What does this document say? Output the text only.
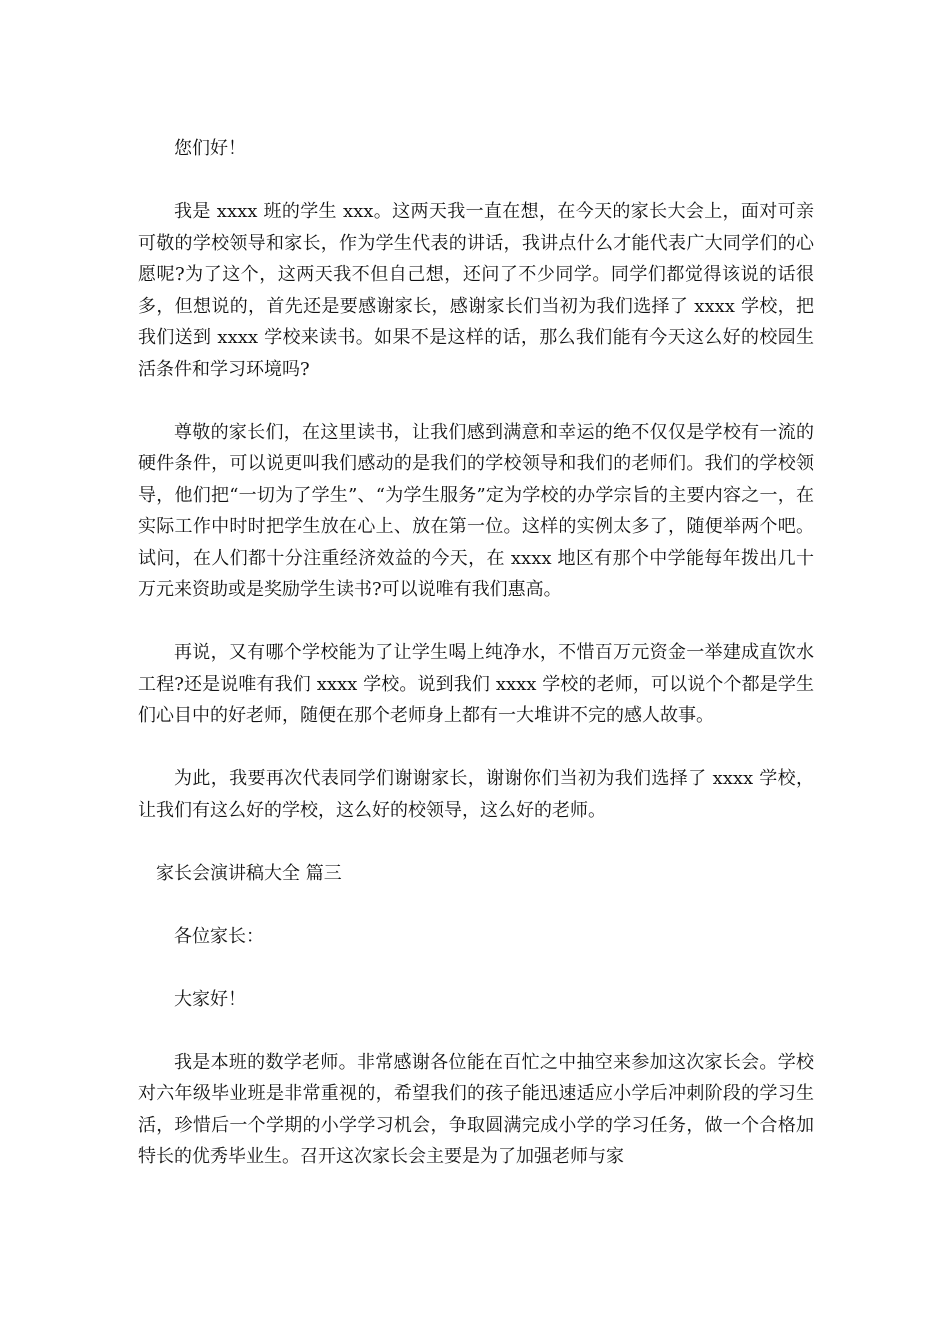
您们好！

我是 xxxx 班的学生 xxx。这两天我一直在想，在今天的家长大会上，面对可亲可敬的学校领导和家长，作为学生代表的讲话，我讲点什么才能代表广大同学们的心愿呢?为了这个，这两天我不但自己想，还问了不少同学。同学们都觉得该说的话很多，但想说的，首先还是要感谢家长，感谢家长们当初为我们选择了 xxxx 学校，把我们送到 xxxx 学校来读书。如果不是这样的话，那么我们能有今天这么好的校园生活条件和学习环境吗?

尊敬的家长们，在这里读书，让我们感到满意和幸运的绝不仅仅是学校有一流的硬件条件，可以说更叫我们感动的是我们的学校领导和我们的老师们。我们的学校领导，他们把“一切为了学生”、“为学生服务”定为学校的办学宗旨的主要内容之一，在实际工作中时时把学生放在心上、放在第一位。这样的实例太多了，随便举两个吧。试问，在人们都十分注重经济效益的今天，在 xxxx 地区有那个中学能每年拨出几十万元来资助或是奖励学生读书?可以说唯有我们惠高。

再说，又有哪个学校能为了让学生喝上纯净水，不惜百万元资金一举建成直饮水工程?还是说唯有我们 xxxx 学校。说到我们 xxxx 学校的老师，可以说个个都是学生们心目中的好老师，随便在那个老师身上都有一大堆讲不完的感人故事。

为此，我要再次代表同学们谢谢家长，谢谢你们当初为我们选择了 xxxx 学校，让我们有这么好的学校，这么好的校领导，这么好的老师。

家长会演讲稿大全 篇三

各位家长：

大家好！

我是本班的数学老师。非常感谢各位能在百忙之中抽空来参加这次家长会。学校对六年级毕业班是非常重视的，希望我们的孩子能迅速适应小学后冲刺阶段的学习生活，珍惜后一个学期的小学学习机会，争取圆满完成小学的学习任务，做一个合格加特长的优秀毕业生。召开这次家长会主要是为了加强老师与家
